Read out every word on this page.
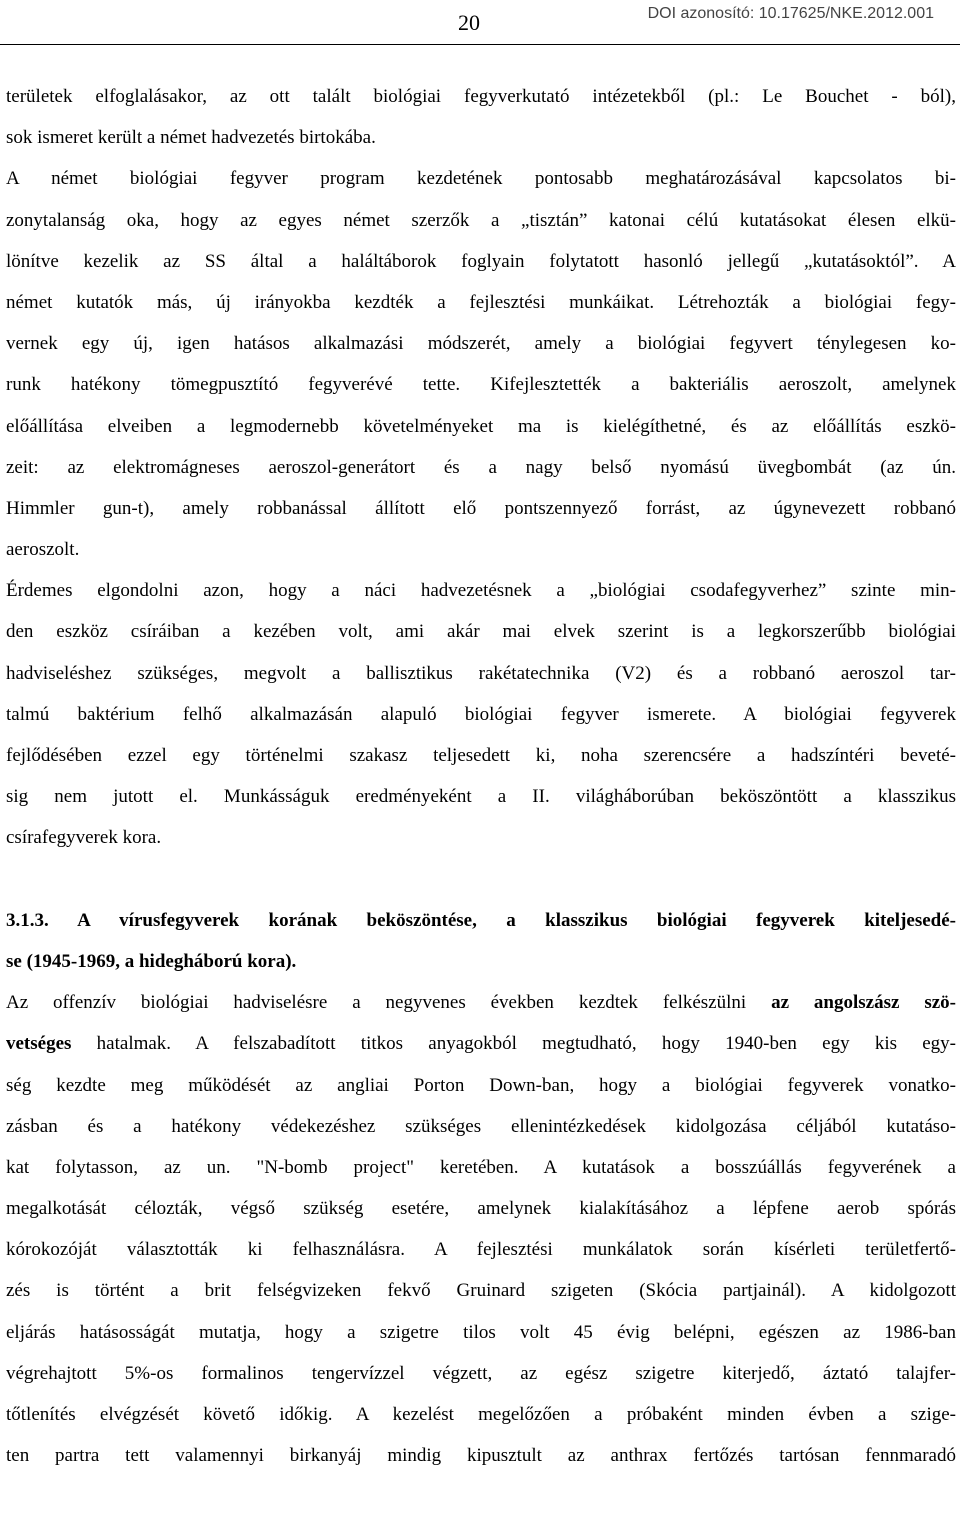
20	DOI azonosító: 10.17625/NKE.2012.001
területek elfoglalásakor, az ott talált biológiai fegyverkutató intézetekből (pl.: Le Bouchet - ból),
sok ismeret került a német hadvezetés birtokába.
A német biológiai fegyver program kezdetének pontosabb meghatározásával kapcsolatos bi-
zonytalanság oka, hogy az egyes német szerzők a „tisztán” katonai célú kutatásokat élesen elkü-
lönítve kezelik az SS által a haláltáborok foglyain folytatott hasonló jellegű „kutatásoktól”. A
német kutatók más, új irányokba kezdték a fejlesztési munkáikat. Létrehozták a biológiai fegy-
vernek egy új, igen hatásos alkalmazási módszerét, amely a biológiai fegyvert ténylegesen ko-
runk hatékony tömegpusztító fegyverévé tette. Kifejlesztették a bakteriális aeroszolt, amelynek
előállítása elveiben a legmodernebb követelményeket ma is kielégíthetné, és az előállítás eszkö-
zeit: az elektromágneses aeroszol-generátort és a nagy belső nyomású üvegbombát (az ún.
Himmler gun-t), amely robbanással állított elő pontszennyező forrást, az úgynevezett robbanó
aeroszolt.
Érdemes elgondolni azon, hogy a náci hadvezetésnek a „biológiai csodafegyverhez” szinte min-
den eszköz csíráiban a kezében volt, ami akár mai elvek szerint is a legkorszerűbb biológiai
hadviseléshez szükséges, megvolt a ballisztikus rakétatechnika (V2) és a robbanó aeroszol tar-
talmú baktérium felhő alkalmazásán alapuló biológiai fegyver ismerete. A biológiai fegyverek
fejlődésében ezzel egy történelmi szakasz teljesedett ki, noha szerencsére a hadszíntéri beveté-
sig nem jutott el. Munkásságuk eredményeként a II. világháborúban beköszöntött a klasszikus
csírafegyverek kora.
3.1.3. A vírusfegyverek korának beköszöntése, a klasszikus biológiai fegyverek kiteljesedé-
se (1945-1969, a hidegháború kora).
Az offenzív biológiai hadviselésre a negyvenes években kezdtek felkészülni az angolszász szö-
vetséges hatalmak. A felszabadított titkos anyagokból megtudható, hogy 1940-ben egy kis egy-
ség kezdte meg működését az angliai Porton Down-ban, hogy a biológiai fegyverek vonatko-
zásban és a hatékony védekezéshez szükséges ellenintézkedések kidolgozása céljából kutatáso-
kat folytasson, az un. "N-bomb project" keretében. A kutatások a bosszúállás fegyverének a
megalkotását célozták, végső szükség esetére, amelynek kialakításához a lépfene aerob spórás
kórokozóját választották ki felhasználásra. A fejlesztési munkálatok során kísérleti területfertő-
zés is történt a brit felségvizeken fekvő Gruinard szigeten (Skócia partjainál). A kidolgozott
eljárás hatásosságát mutatja, hogy a szigetre tilos volt 45 évig belépni, egészen az 1986-ban
végrehajtott 5%-os formalinos tengervízzel végzett, az egész szigetre kiterjedő, áztató talajfer-
tőtlenítés elvégzését követő időkig. A kezelést megelőzően a próbaként minden évben a szige-
ten partra tett valamennyi birkanyáj mindig kipusztult az anthrax fertőzés tartósan fennmaradó
